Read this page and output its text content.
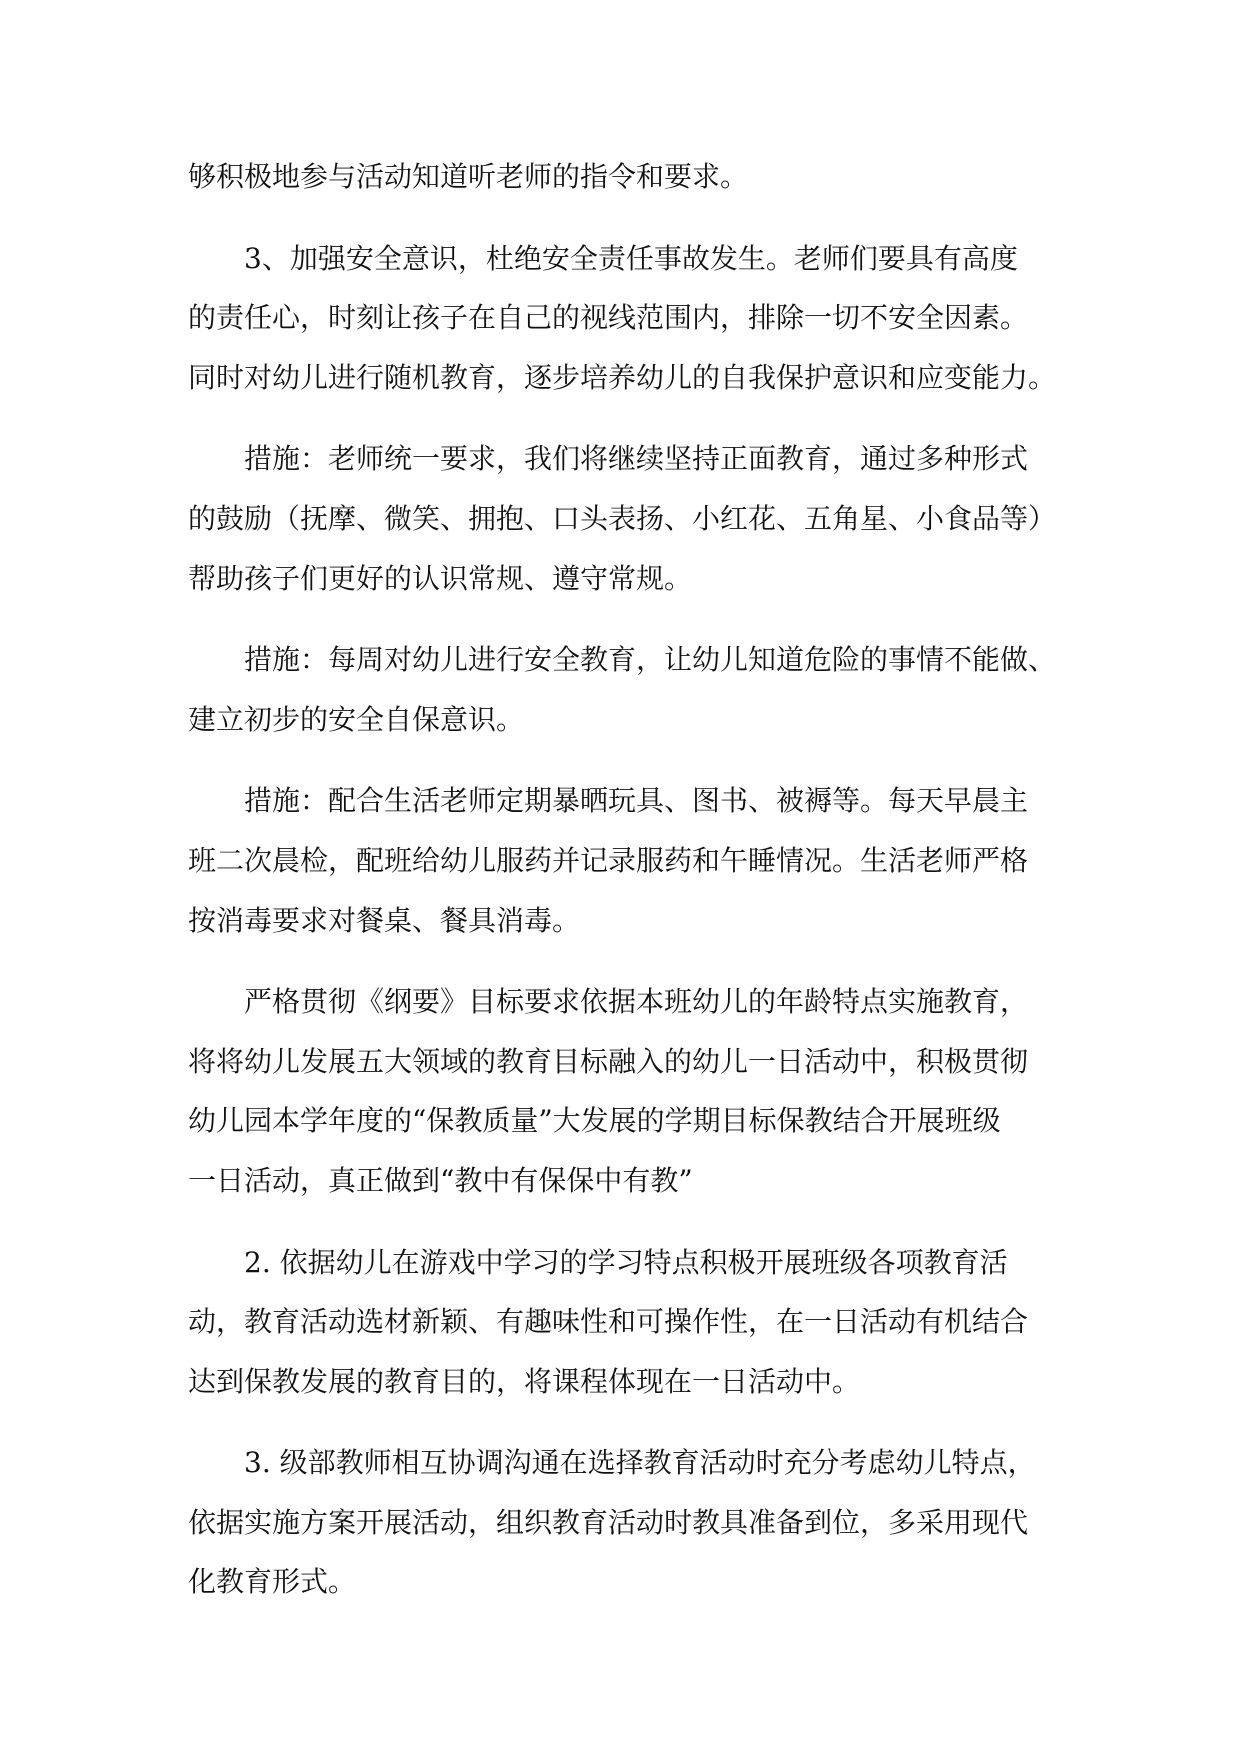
够积极地参与活动知道听老师的指令和要求。

3、加强安全意识，杜绝安全责任事故发生。老师们要具有高度
的责任心，时刻让孩子在自己的视线范围内，排除一切不安全因素。
同时对幼儿进行随机教育，逐步培养幼儿的自我保护意识和应变能力。

措施：老师统一要求，我们将继续坚持正面教育，通过多种形式
的鼓励（抚摩、微笑、拥抱、口头表扬、小红花、五角星、小食品等）
帮助孩子们更好的认识常规、遵守常规。

措施：每周对幼儿进行安全教育，让幼儿知道危险的事情不能做、
建立初步的安全自保意识。

措施：配合生活老师定期暴晒玩具、图书、被褥等。每天早晨主
班二次晨检，配班给幼儿服药并记录服药和午睡情况。生活老师严格
按消毒要求对餐桌、餐具消毒。

严格贯彻《纲要》目标要求依据本班幼儿的年龄特点实施教育，
将将幼儿发展五大领域的教育目标融入的幼儿一日活动中，积极贯彻
幼儿园本学年度的“保教质量”大发展的学期目标保教结合开展班级
一日活动，真正做到“教中有保保中有教”

2. 依据幼儿在游戏中学习的学习特点积极开展班级各项教育活
动，教育活动选材新颖、有趣味性和可操作性，在一日活动有机结合
达到保教发展的教育目的，将课程体现在一日活动中。

3. 级部教师相互协调沟通在选择教育活动时充分考虑幼儿特点，
依据实施方案开展活动，组织教育活动时教具准备到位，多采用现代
化教育形式。
